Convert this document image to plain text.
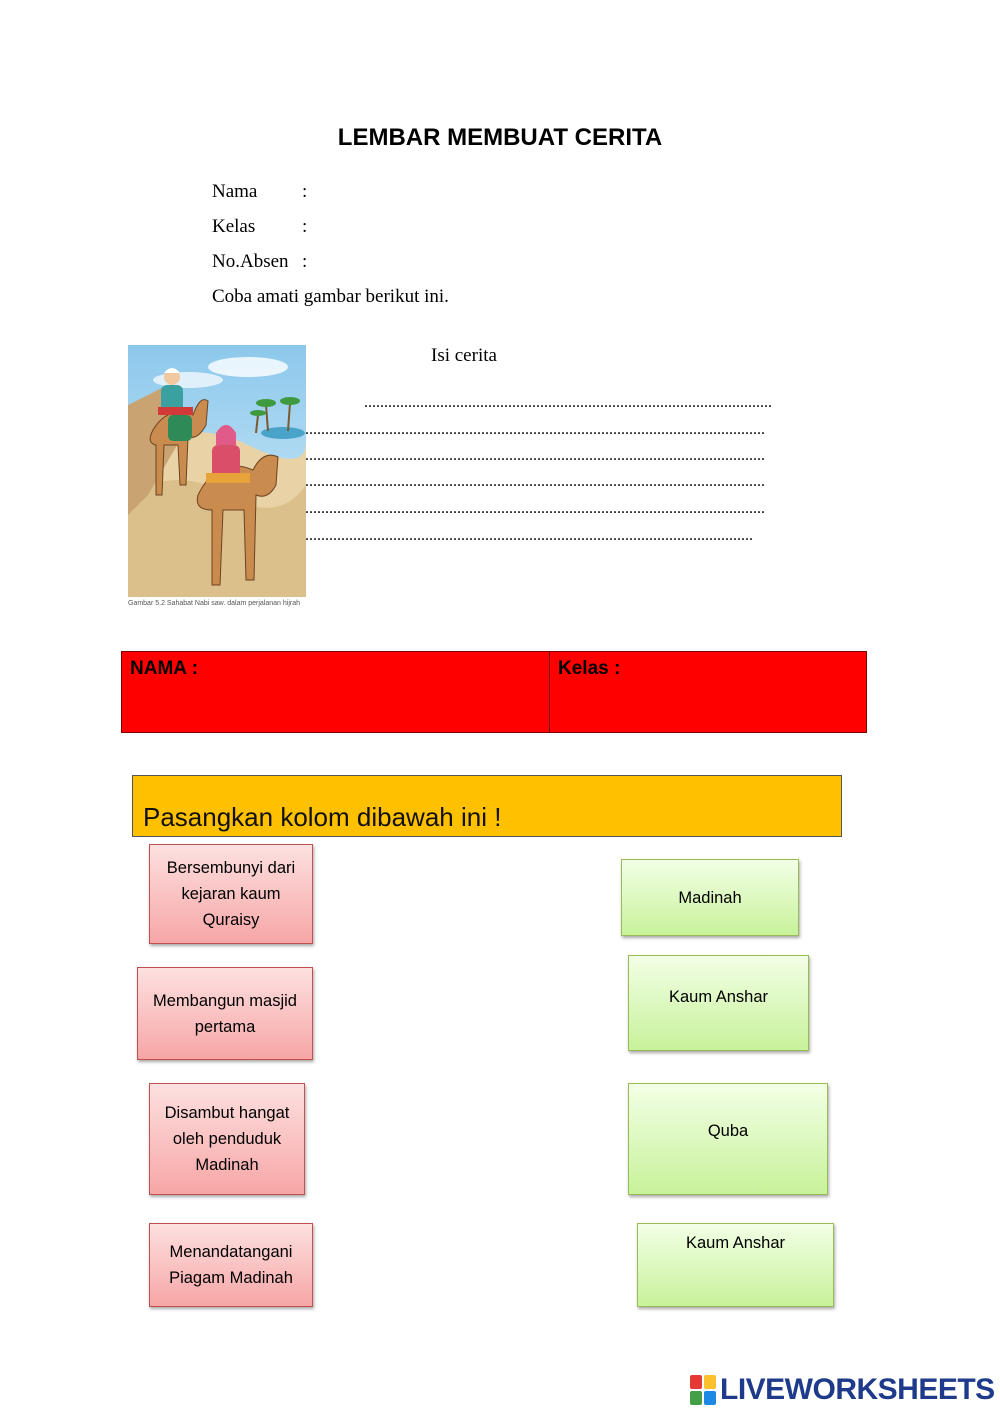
LEMBAR MEMBUAT CERITA
Nama :
Kelas :
No.Absen :
Coba amati gambar berikut ini.
Gambar 5.2 Sahabat Nabi saw. dalam perjalanan hijrah
Isi cerita
......................................................................................................
...................................................................................................................
...................................................................................................................
...................................................................................................................
...................................................................................................................
................................................................................................................
NAMA :	Kelas :
Pasangkan kolom dibawah ini !
Bersembunyi dari kejaran kaum Quraisy
Membangun masjid pertama
Disambut hangat oleh penduduk Madinah
Menandatangani Piagam Madinah
Madinah
Kaum Anshar
Quba
Kaum Anshar
LIVEWORKSHEETS
